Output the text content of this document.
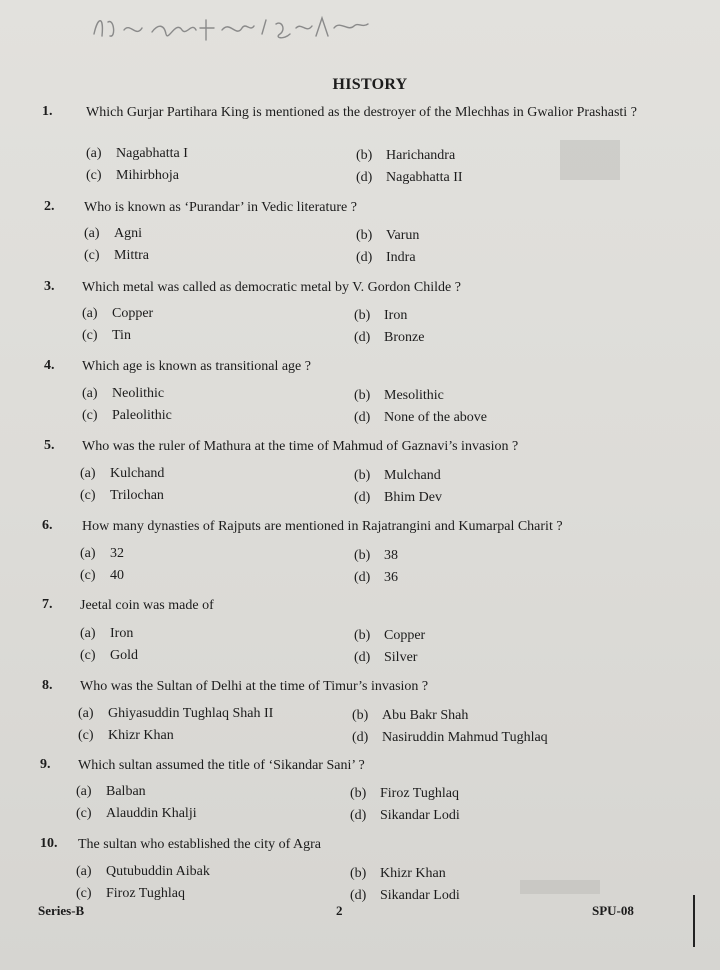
HISTORY
1. Which Gurjar Partihara King is mentioned as the destroyer of the Mlechhas in Gwalior Prashasti ?
(a) Nagabhatta I	(b) Harichandra
(c) Mihirbhoja	(d) Nagabhatta II
2. Who is known as ‘Purandar’ in Vedic literature ?
(a) Agni	(b) Varun
(c) Mittra	(d) Indra
3. Which metal was called as democratic metal by V. Gordon Childe ?
(a) Copper	(b) Iron
(c) Tin	(d) Bronze
4. Which age is known as transitional age ?
(a) Neolithic	(b) Mesolithic
(c) Paleolithic	(d) None of the above
5. Who was the ruler of Mathura at the time of Mahmud of Gaznavi’s invasion ?
(a) Kulchand	(b) Mulchand
(c) Trilochan	(d) Bhim Dev
6. How many dynasties of Rajputs are mentioned in Rajatrangini and Kumarpal Charit ?
(a) 32	(b) 38
(c) 40	(d) 36
7. Jeetal coin was made of
(a) Iron	(b) Copper
(c) Gold	(d) Silver
8. Who was the Sultan of Delhi at the time of Timur’s invasion ?
(a) Ghiyasuddin Tughlaq Shah II	(b) Abu Bakr Shah
(c) Khizr Khan	(d) Nasiruddin Mahmud Tughlaq
9. Which sultan assumed the title of ‘Sikandar Sani’ ?
(a) Balban	(b) Firoz Tughlaq
(c) Alauddin Khalji	(d) Sikandar Lodi
10. The sultan who established the city of Agra
(a) Qutubuddin Aibak	(b) Khizr Khan
(c) Firoz Tughlaq	(d) Sikandar Lodi
Series-B	2	SPU-08
